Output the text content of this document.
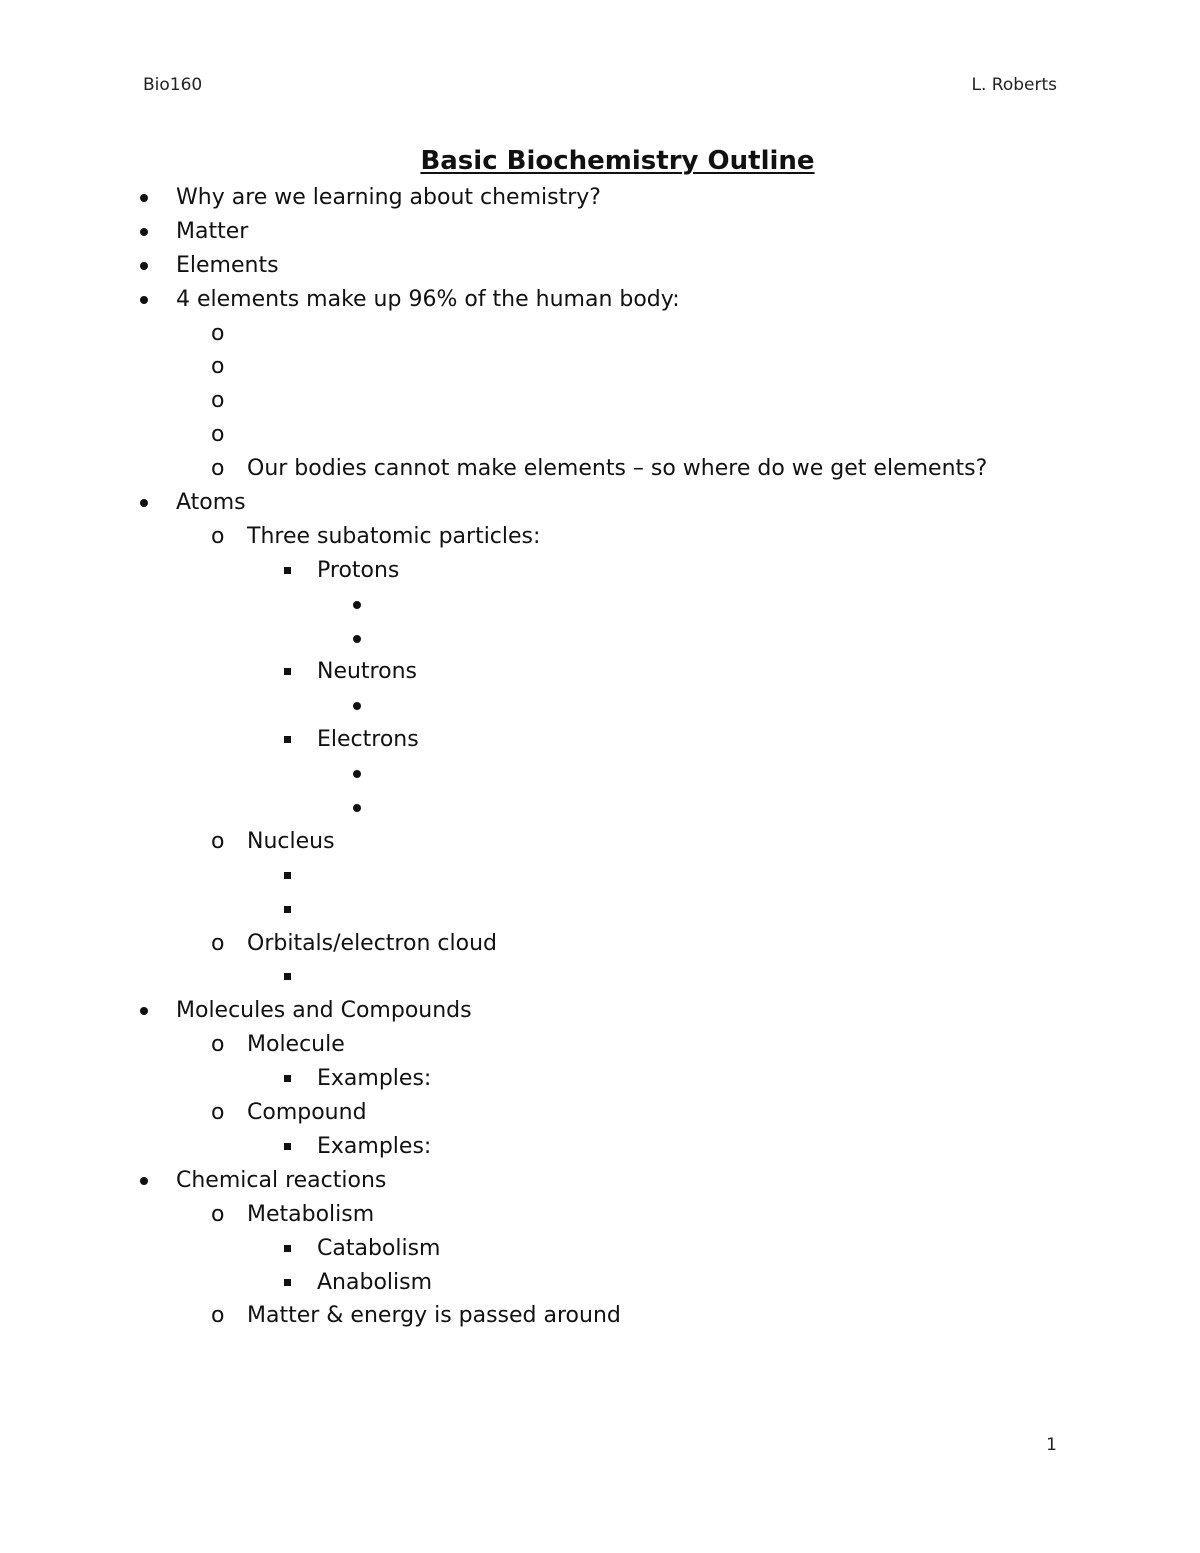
Bio160	L. Roberts
Basic Biochemistry Outline
Why are we learning about chemistry?
Matter
Elements
4 elements make up 96% of the human body:
o
o
o
o
o
Our bodies cannot make elements – so where do we get elements?
Atoms
o
Three subatomic particles:
Protons
Neutrons
Electrons
o
Nucleus
o
Orbitals/electron cloud
Molecules and Compounds
o
Molecule
Examples:
o
Compound
Examples:
Chemical reactions
o
Metabolism
Catabolism
Anabolism
o
Matter & energy is passed around
1
